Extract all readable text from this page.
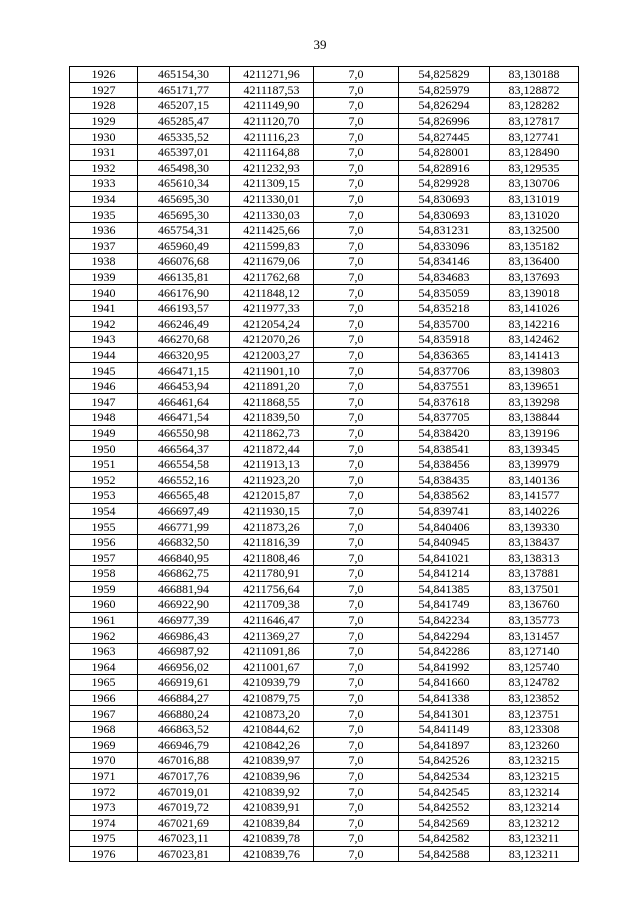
39
1926	465154,30	4211271,96	7,0	54,825829	83,130188
1927	465171,77	4211187,53	7,0	54,825979	83,128872
1928	465207,15	4211149,90	7,0	54,826294	83,128282
1929	465285,47	4211120,70	7,0	54,826996	83,127817
1930	465335,52	4211116,23	7,0	54,827445	83,127741
1931	465397,01	4211164,88	7,0	54,828001	83,128490
1932	465498,30	4211232,93	7,0	54,828916	83,129535
1933	465610,34	4211309,15	7,0	54,829928	83,130706
1934	465695,30	4211330,01	7,0	54,830693	83,131019
1935	465695,30	4211330,03	7,0	54,830693	83,131020
1936	465754,31	4211425,66	7,0	54,831231	83,132500
1937	465960,49	4211599,83	7,0	54,833096	83,135182
1938	466076,68	4211679,06	7,0	54,834146	83,136400
1939	466135,81	4211762,68	7,0	54,834683	83,137693
1940	466176,90	4211848,12	7,0	54,835059	83,139018
1941	466193,57	4211977,33	7,0	54,835218	83,141026
1942	466246,49	4212054,24	7,0	54,835700	83,142216
1943	466270,68	4212070,26	7,0	54,835918	83,142462
1944	466320,95	4212003,27	7,0	54,836365	83,141413
1945	466471,15	4211901,10	7,0	54,837706	83,139803
1946	466453,94	4211891,20	7,0	54,837551	83,139651
1947	466461,64	4211868,55	7,0	54,837618	83,139298
1948	466471,54	4211839,50	7,0	54,837705	83,138844
1949	466550,98	4211862,73	7,0	54,838420	83,139196
1950	466564,37	4211872,44	7,0	54,838541	83,139345
1951	466554,58	4211913,13	7,0	54,838456	83,139979
1952	466552,16	4211923,20	7,0	54,838435	83,140136
1953	466565,48	4212015,87	7,0	54,838562	83,141577
1954	466697,49	4211930,15	7,0	54,839741	83,140226
1955	466771,99	4211873,26	7,0	54,840406	83,139330
1956	466832,50	4211816,39	7,0	54,840945	83,138437
1957	466840,95	4211808,46	7,0	54,841021	83,138313
1958	466862,75	4211780,91	7,0	54,841214	83,137881
1959	466881,94	4211756,64	7,0	54,841385	83,137501
1960	466922,90	4211709,38	7,0	54,841749	83,136760
1961	466977,39	4211646,47	7,0	54,842234	83,135773
1962	466986,43	4211369,27	7,0	54,842294	83,131457
1963	466987,92	4211091,86	7,0	54,842286	83,127140
1964	466956,02	4211001,67	7,0	54,841992	83,125740
1965	466919,61	4210939,79	7,0	54,841660	83,124782
1966	466884,27	4210879,75	7,0	54,841338	83,123852
1967	466880,24	4210873,20	7,0	54,841301	83,123751
1968	466863,52	4210844,62	7,0	54,841149	83,123308
1969	466946,79	4210842,26	7,0	54,841897	83,123260
1970	467016,88	4210839,97	7,0	54,842526	83,123215
1971	467017,76	4210839,96	7,0	54,842534	83,123215
1972	467019,01	4210839,92	7,0	54,842545	83,123214
1973	467019,72	4210839,91	7,0	54,842552	83,123214
1974	467021,69	4210839,84	7,0	54,842569	83,123212
1975	467023,11	4210839,78	7,0	54,842582	83,123211
1976	467023,81	4210839,76	7,0	54,842588	83,123211
